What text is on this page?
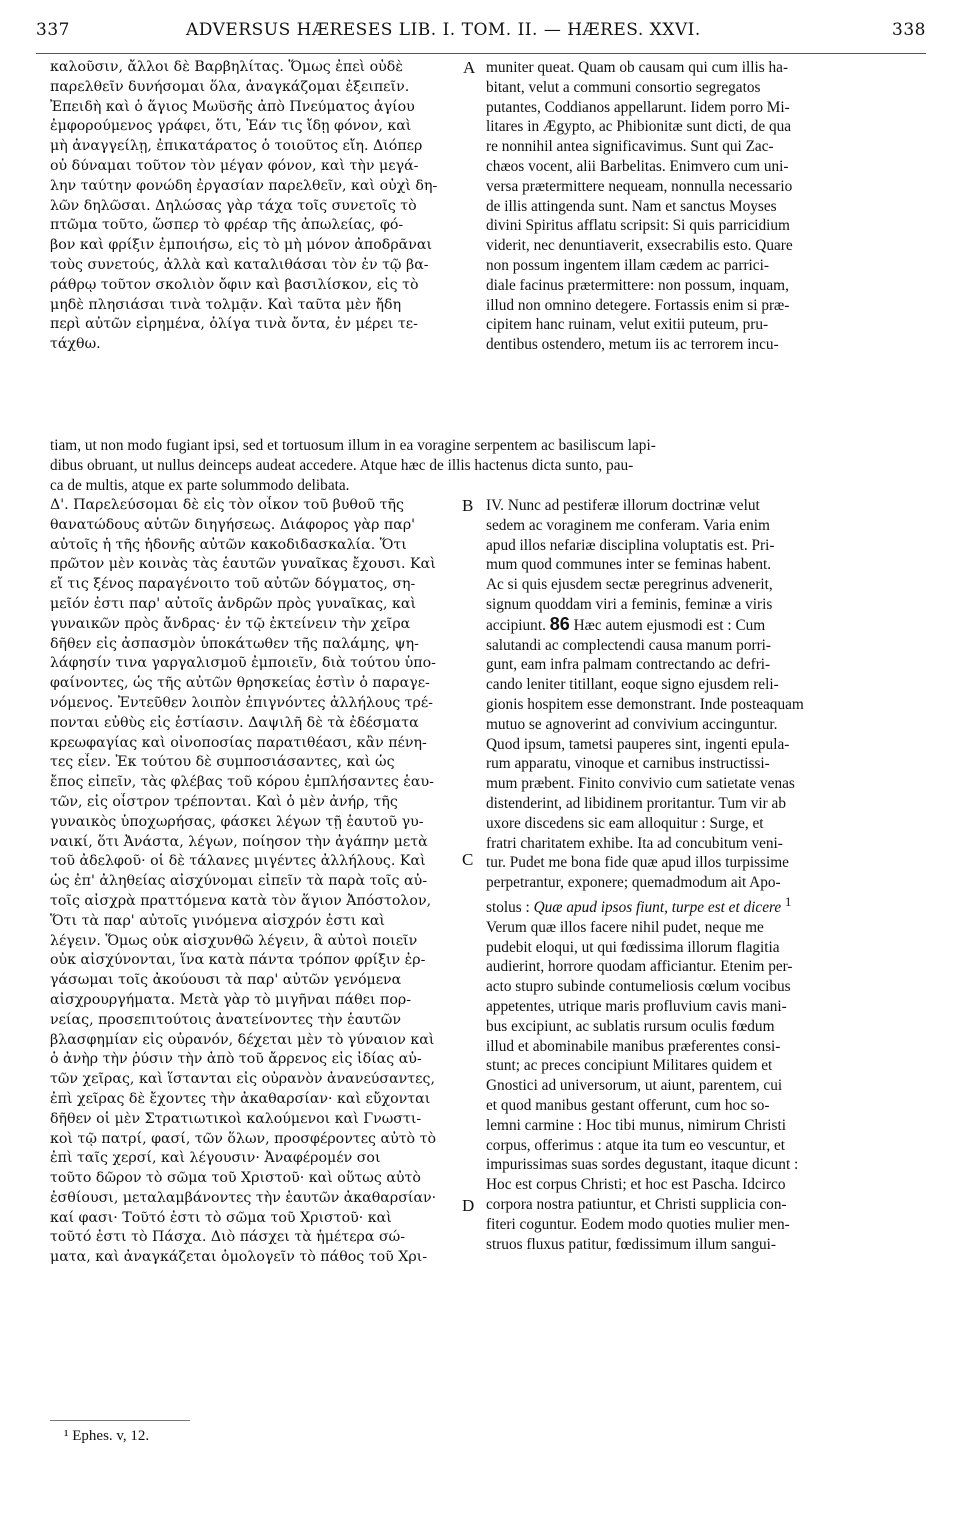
337	ADVERSUS HÆRESES LIB. I. TOM. II. — HÆRES. XXVI.	338
καλοῦσιν, ἄλλοι δὲ Βαρβηλίτας. Ὅμως ἐπεὶ οὐδὲ
παρελθεῖν δυνήσομαι ὅλα, ἀναγκάζομαι ἐξειπεῖν.
Ἐπειδὴ καὶ ὁ ἅγιος Μωϋσῆς ἀπὸ Πνεύματος ἁγίου
ἐμφορούμενος γράφει, ὅτι, Ἐάν τις ἴδῃ φόνον, καὶ
μὴ ἀναγγείλῃ, ἐπικατάρατος ὁ τοιοῦτος εἴη. Διόπερ
οὐ δύναμαι τοῦτον τὸν μέγαν φόνον, καὶ τὴν μεγά-
λην ταύτην φονώδη ἐργασίαν παρελθεῖν, καὶ οὐχὶ δη-
λῶν δηλῶσαι. Δηλώσας γὰρ τάχα τοῖς συνετοῖς τὸ
πτῶμα τοῦτο, ὥσπερ τὸ φρέαρ τῆς ἀπωλείας, φό-
βον καὶ φρίξιν ἐμποιήσω, εἰς τὸ μὴ μόνον ἀποδρᾶναι
τοὺς συνετούς, ἀλλὰ καὶ καταλιθάσαι τὸν ἐν τῷ βα-
ράθρῳ τοῦτον σκολιὸν ὄφιν καὶ βασιλίσκον, εἰς τὸ
μηδὲ πλησιάσαι τινὰ τολμᾷν. Καὶ ταῦτα μὲν ἤδη
περὶ αὐτῶν εἰρημένα, ὀλίγα τινὰ ὄντα, ἐν μέρει τε-
τάχθω.
muniter queat. Quam ob causam qui cum illis ha-
bitant, velut a communi consortio segregatos
putantes, Coddianos appellarunt. Iidem porro Mi-
litares in Ægypto, ac Phibionitæ sunt dicti, de qua
re nonnihil antea significavimus. Sunt qui Zac-
chæos vocent, alii Barbelitas. Enimvero cum uni-
versa prætermittere nequeam, nonnulla necessario
de illis attingenda sunt. Nam et sanctus Moyses
divini Spiritus afflatu scripsit: Si quis parricidium
viderit, nec denuntiaverit, exsecrabilis esto. Quare
non possum ingentem illam cædem ac parrici-
diale facinus prætermittere: non possum, inquam,
illud non omnino detegere. Fortassis enim si præ-
cipitem hanc ruinam, velut exitii puteum, pru-
dentibus ostendero, metum iis ac terrorem incu-
tiam, ut non modo fugiant ipsi, sed et tortuosum illum in ea voragine serpentem ac basiliscum lapi-
dibus obruant, ut nullus deinceps audeat accedere. Atque hæc de illis hactenus dicta sunto, pau-
ca de multis, atque ex parte solummodo delibata.
Δ'. Παρελεύσομαι δὲ εἰς τὸν οἶκον τοῦ βυθοῦ τῆς
θανατώδους αὐτῶν διηγήσεως. Διάφορος γὰρ παρ'
αὐτοῖς ἡ τῆς ἡδονῆς αὐτῶν κακοδιδασκαλία. Ὅτι
πρῶτον μὲν κοινὰς τὰς ἑαυτῶν γυναῖκας ἔχουσι. Καὶ
εἴ τις ξένος παραγένοιτο τοῦ αὐτῶν δόγματος, ση-
μεῖόν ἐστι παρ' αὐτοῖς ἀνδρῶν πρὸς γυναῖκας, καὶ
γυναικῶν πρὸς ἄνδρας· ἐν τῷ ἐκτείνειν τὴν χεῖρα
δῆθεν εἰς ἀσπασμὸν ὑποκάτωθεν τῆς παλάμης, ψη-
λάφησίν τινα γαργαλισμοῦ ἐμποιεῖν, διὰ τούτου ὑπο-
φαίνοντες, ὡς τῆς αὐτῶν θρησκείας ἐστὶν ὁ παραγε-
νόμενος. Ἐντεῦθεν λοιπὸν ἐπιγνόντες ἀλλήλους τρέ-
πονται εὐθὺς εἰς ἑστίασιν. Δαψιλῆ δὲ τὰ ἐδέσματα
κρεωφαγίας καὶ οἰνοποσίας παρατιθέασι, κἂν πένη-
τες εἶεν. Ἐκ τούτου δὲ συμποσιάσαντες, καὶ ὡς
ἔπος εἰπεῖν, τὰς φλέβας τοῦ κόρου ἐμπλήσαντες ἑαυ-
τῶν, εἰς οἶστρον τρέπονται. Καὶ ὁ μὲν ἀνήρ, τῆς
γυναικὸς ὑποχωρήσας, φάσκει λέγων τῇ ἑαυτοῦ γυ-
ναικί, ὅτι Ἀνάστα, λέγων, ποίησον τὴν ἀγάπην μετὰ
τοῦ ἀδελφοῦ· οἱ δὲ τάλανες μιγέντες ἀλλήλους. Καὶ
ὡς ἐπ' ἀληθείας αἰσχύνομαι εἰπεῖν τὰ παρὰ τοῖς αὐ-
τοῖς αἰσχρὰ πραττόμενα κατὰ τὸν ἅγιον Ἀπόστολον,
Ὅτι τὰ παρ' αὐτοῖς γινόμενα αἰσχρόν ἐστι καὶ
λέγειν. Ὅμως οὐκ αἰσχυνθῶ λέγειν, ἃ αὐτοὶ ποιεῖν
οὐκ αἰσχύνονται, ἵνα κατὰ πάντα τρόπον φρίξιν ἐρ-
γάσωμαι τοῖς ἀκούουσι τὰ παρ' αὐτῶν γενόμενα
αἰσχρουργήματα. Μετὰ γὰρ τὸ μιγῆναι πάθει πορ-
νείας, προσεπιτούτοις ἀνατείνοντες τὴν ἑαυτῶν
βλασφημίαν εἰς οὐρανόν, δέχεται μὲν τὸ γύναιον καὶ
ὁ ἀνὴρ τὴν ῥύσιν τὴν ἀπὸ τοῦ ἄρρενος εἰς ἰδίας αὐ-
τῶν χεῖρας, καὶ ἵστανται εἰς οὐρανὸν ἀνανεύσαντες,
ἐπὶ χεῖρας δὲ ἔχοντες τὴν ἀκαθαρσίαν· καὶ εὔχονται
δῆθεν οἱ μὲν Στρατιωτικοὶ καλούμενοι καὶ Γνωστι-
κοὶ τῷ πατρί, φασί, τῶν ὅλων, προσφέροντες αὐτὸ τὸ
ἐπὶ ταῖς χερσί, καὶ λέγουσιν· Ἀναφέρομέν σοι
τοῦτο δῶρον τὸ σῶμα τοῦ Χριστοῦ· καὶ οὕτως αὐτὸ
ἐσθίουσι, μεταλαμβάνοντες τὴν ἑαυτῶν ἀκαθαρσίαν·
καί φασι· Τοῦτό ἐστι τὸ σῶμα τοῦ Χριστοῦ· καὶ
τοῦτό ἐστι τὸ Πάσχα. Διὸ πάσχει τὰ ἡμέτερα σώ-
ματα, καὶ ἀναγκάζεται ὁμολογεῖν τὸ πάθος τοῦ Χρι-
IV. Nunc ad pestiferæ illorum doctrinæ velut
sedem ac voraginem me conferam. Varia enim
apud illos nefariæ disciplina voluptatis est. Pri-
mum quod communes inter se feminas habent.
Ac si quis ejusdem sectæ peregrinus advenerit,
signum quoddam viri a feminis, feminæ a viris
accipiunt. 86 Hæc autem ejusmodi est : Cum
salutandi ac complectendi causa manum porri-
gunt, eam infra palmam contrectando ac defri-
cando leniter titillant, eoque signo ejusdem reli-
gionis hospitem esse demonstrant. Inde posteaquam
mutuo se agnoverint ad convivium accinguntur.
Quod ipsum, tametsi pauperes sint, ingenti epula-
rum apparatu, vinoque et carnibus instructissi-
mum præbent. Finito convivio cum satietate venas
distenderint, ad libidinem proritantur. Tum vir ab
uxore discedens sic eam alloquitur : Surge, et
fratri charitatem exhibe. Ita ad concubitum veni-
tur. Pudet me bona fide quæ apud illos turpissime
perpetrantur, exponere; quemadmodum ait Apo-
stolus : Quæ apud ipsos fiunt, turpe est et dicere $^1$
Verum quæ illos facere nihil pudet, neque me
pudebit eloqui, ut qui fœdissima illorum flagitia
audierint, horrore quodam afficiantur. Etenim per-
acto stupro subinde contumeliosis cœlum vocibus
appetentes, utrique maris profluvium cavis mani-
bus excipiunt, ac sublatis rursum oculis fœdum
illud et abominabile manibus præferentes consi-
stunt; ac preces concipiunt Militares quidem et
Gnostici ad universorum, ut aiunt, parentem, cui
et quod manibus gestant offerunt, cum hoc so-
lemni carmine : Hoc tibi munus, nimirum Christi
corpus, offerimus : atque ita tum eo vescuntur, et
impurissimas suas sordes degustant, itaque dicunt :
Hoc est corpus Christi; et hoc est Pascha. Idcirco
corpora nostra patiuntur, et Christi supplicia con-
fiteri coguntur. Eodem modo quoties mulier men-
struos fluxus patitur, fœdissimum illum sangui-
A
B
C
D
¹ Ephes. v, 12.
